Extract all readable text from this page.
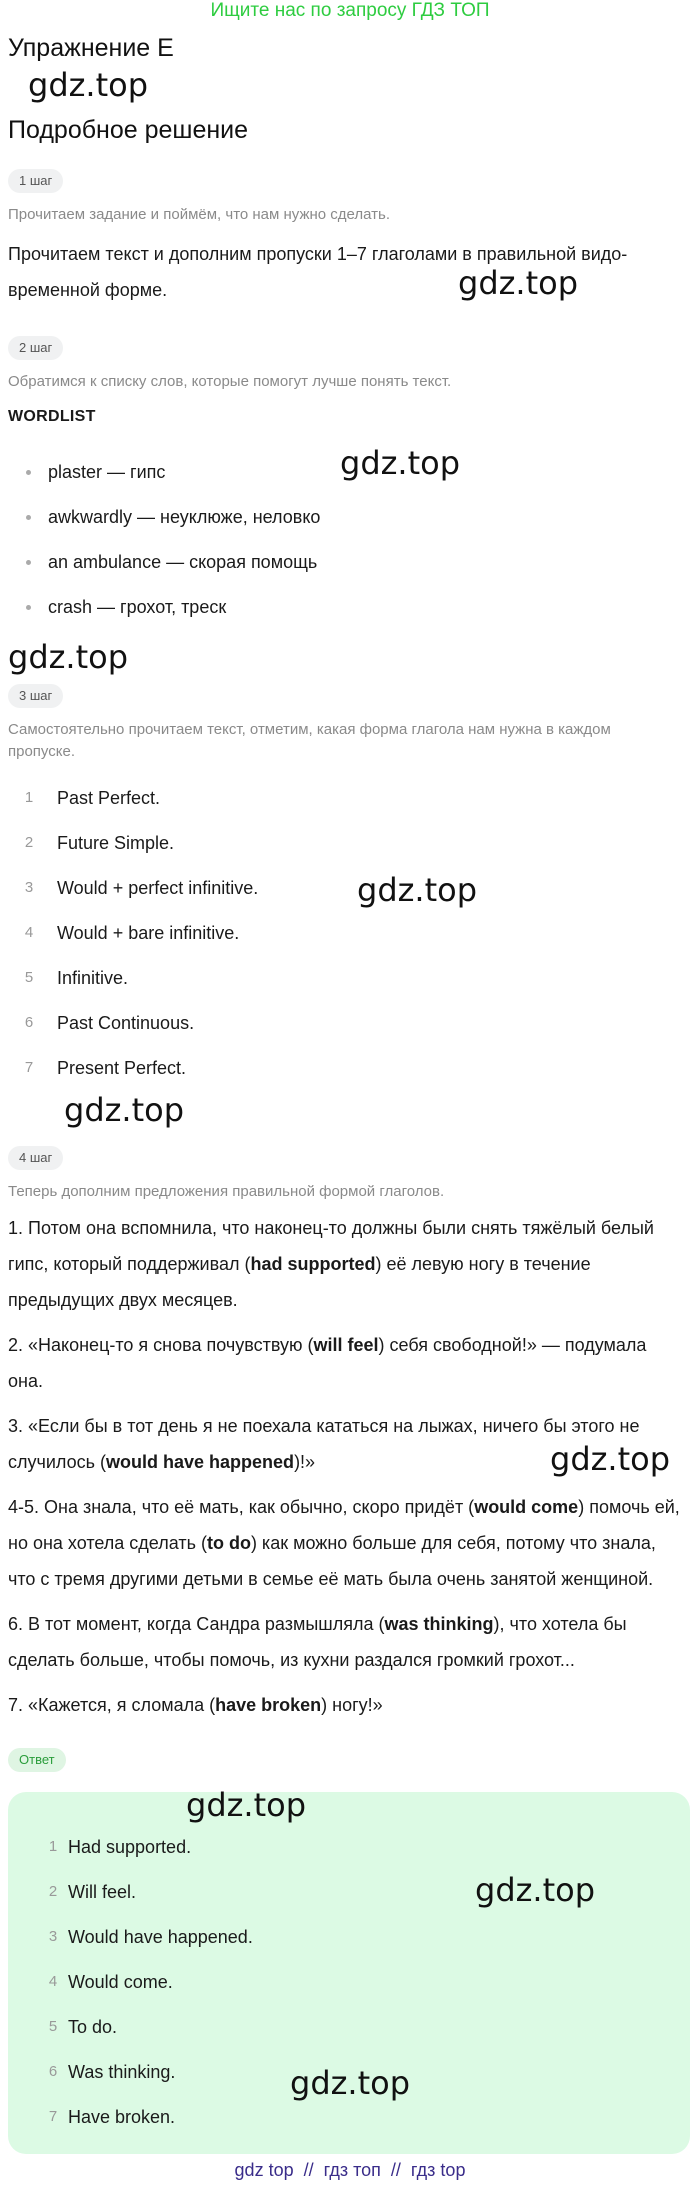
Ищите нас по запросу ГДЗ ТОП
Упражнение E
gdz.top
Подробное решение
1 шаг
Прочитаем задание и поймём, что нам нужно сделать.
Прочитаем текст и дополним пропуски 1–7 глаголами в правильной видо-
временной форме.	gdz.top
2 шаг
Обратимся к списку слов, которые помогут лучше понять текст.
WORDLIST
gdz.top
plaster — гипс
awkwardly — неуклюже, неловко
an ambulance — скорая помощь
crash — грохот, треск
gdz.top
3 шаг
Самостоятельно прочитаем текст, отметим, какая форма глагола нам нужна в каждом
пропуске.
1 Past Perfect.
2 Future Simple.
3 Would + perfect infinitive.	gdz.top
4 Would + bare infinitive.
5 Infinitive.
6 Past Continuous.
7 Present Perfect.
gdz.top
4 шаг
Теперь дополним предложения правильной формой глаголов.
1. Потом она вспомнила, что наконец-то должны были снять тяжёлый белый
гипс, который поддерживал (had supported) её левую ногу в течение
предыдущих двух месяцев.
2. «Наконец-то я снова почувствую (will feel) себя свободной!» — подумала
она.
3. «Если бы в тот день я не поехала кататься на лыжах, ничего бы этого не
случилось (would have happened)!»	gdz.top
4-5. Она знала, что её мать, как обычно, скоро придёт (would come) помочь ей,
но она хотела сделать (to do) как можно больше для себя, потому что знала,
что с тремя другими детьми в семье её мать была очень занятой женщиной.
6. В тот момент, когда Сандра размышляла (was thinking), что хотела бы
сделать больше, чтобы помочь, из кухни раздался громкий грохот...
7. «Кажется, я сломала (have broken) ногу!»
Ответ
gdz.top
1 Had supported.
2 Will feel.	gdz.top
3 Would have happened.
4 Would come.
5 To do.
6 Was thinking.	gdz.top
7 Have broken.
gdz top  //  гдз топ  //  гдз top
